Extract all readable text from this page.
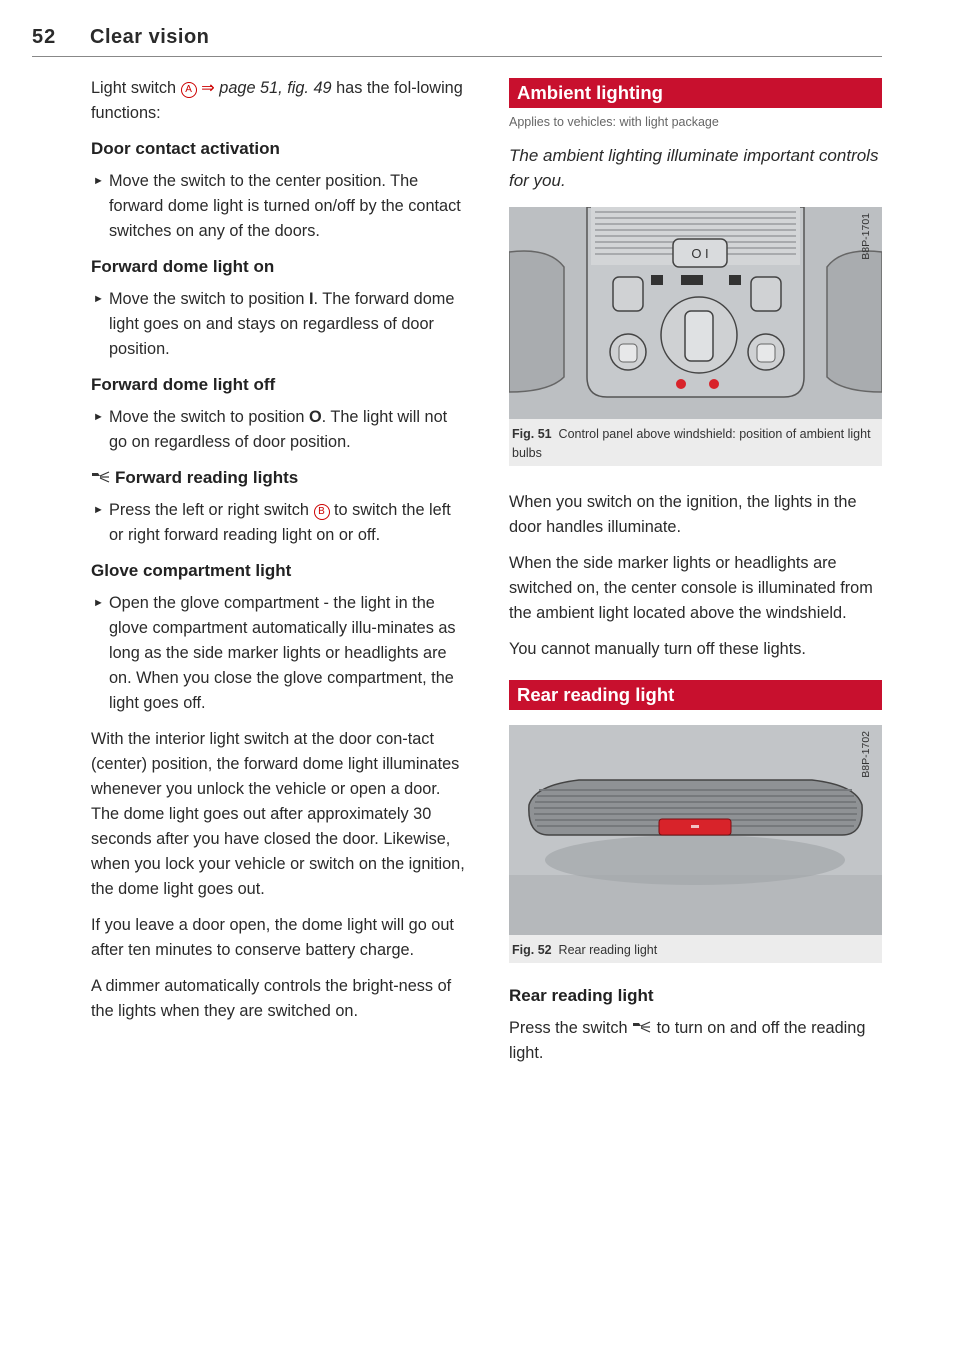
52 Clear vision

Light switch A ⇒ page 51, fig. 49 has the fol-lowing functions:

Door contact activation
► Move the switch to the center position. The forward dome light is turned on/off by the contact switches on any of the doors.
Forward dome light on
► Move the switch to position I. The forward dome light goes on and stays on regardless of door position.
Forward dome light off
► Move the switch to position O. The light will not go on regardless of door position.
Forward reading lights
► Press the left or right switch B to switch the left or right forward reading light on or off.
Glove compartment light
► Open the glove compartment - the light in the glove compartment automatically illu-minates as long as the side marker lights or headlights are on. When you close the glove compartment, the light goes off.

With the interior light switch at the door con-tact (center) position, the forward dome light illuminates whenever you unlock the vehicle or open a door. The dome light goes out after approximately 30 seconds after you have closed the door. Likewise, when you lock your vehicle or switch on the ignition, the dome light goes out.

If you leave a door open, the dome light will go out after ten minutes to conserve battery charge.

A dimmer automatically controls the bright-ness of the lights when they are switched on.

Ambient lighting
Applies to vehicles: with light package
The ambient lighting illuminate important controls for you.
O I	B8P-1701
Fig. 51 Control panel above windshield: position of ambient light bulbs

When you switch on the ignition, the lights in the door handles illuminate.

When the side marker lights or headlights are switched on, the center console is illuminated from the ambient light located above the windshield.

You cannot manually turn off these lights.

Rear reading light
B8P-1702
Fig. 52 Rear reading light
Rear reading light

Press the switch  to turn on and off the reading light.
